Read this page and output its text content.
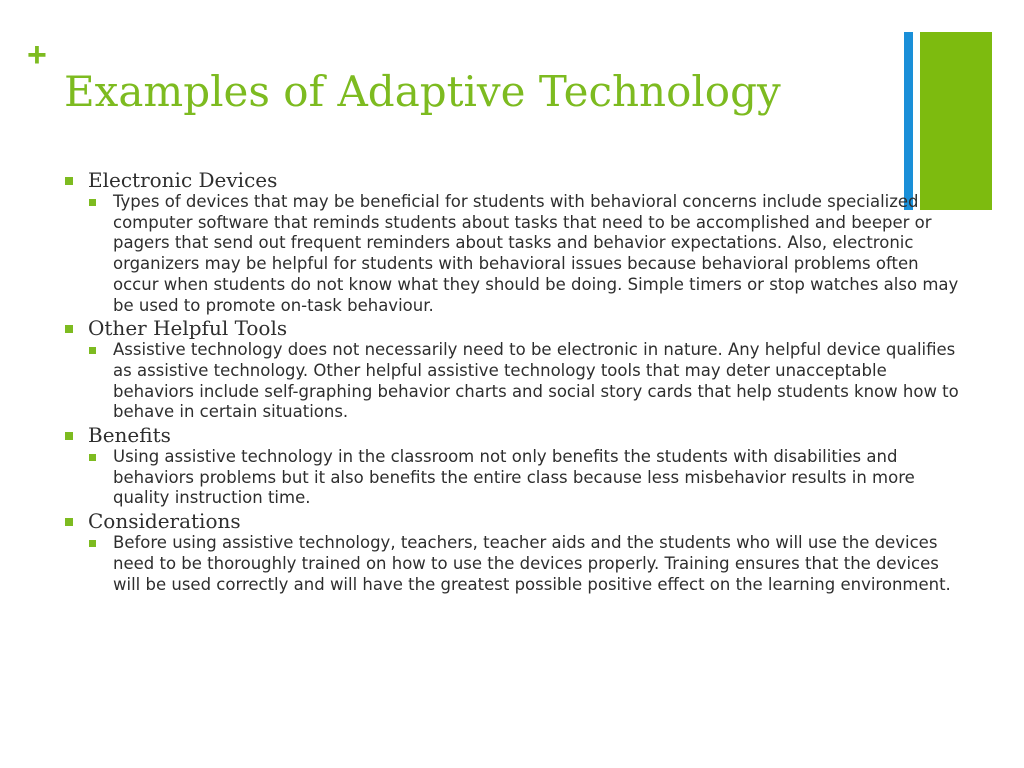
+
Examples of Adaptive Technology
Electronic Devices
Types of devices that may be beneficial for students with behavioral concerns include specialized computer software that reminds students about tasks that need to be accomplished and beeper or pagers that send out frequent reminders about tasks and behavior expectations. Also, electronic organizers may be helpful for students with behavioral issues because behavioral problems often occur when students do not know what they should be doing. Simple timers or stop watches also may be used to promote on-task behaviour.
Other Helpful Tools
Assistive technology does not necessarily need to be electronic in nature. Any helpful device qualifies as assistive technology. Other helpful assistive technology tools that may deter unacceptable behaviors include self-graphing behavior charts and social story cards that help students know how to behave in certain situations.
Benefits
Using assistive technology in the classroom not only benefits the students with disabilities and behaviors problems but it also benefits the entire class because less misbehavior results in more quality instruction time.
Considerations
Before using assistive technology, teachers, teacher aids and the students who will use the devices need to be thoroughly trained on how to use the devices properly. Training ensures that the devices will be used correctly and will have the greatest possible positive effect on the learning environment.
